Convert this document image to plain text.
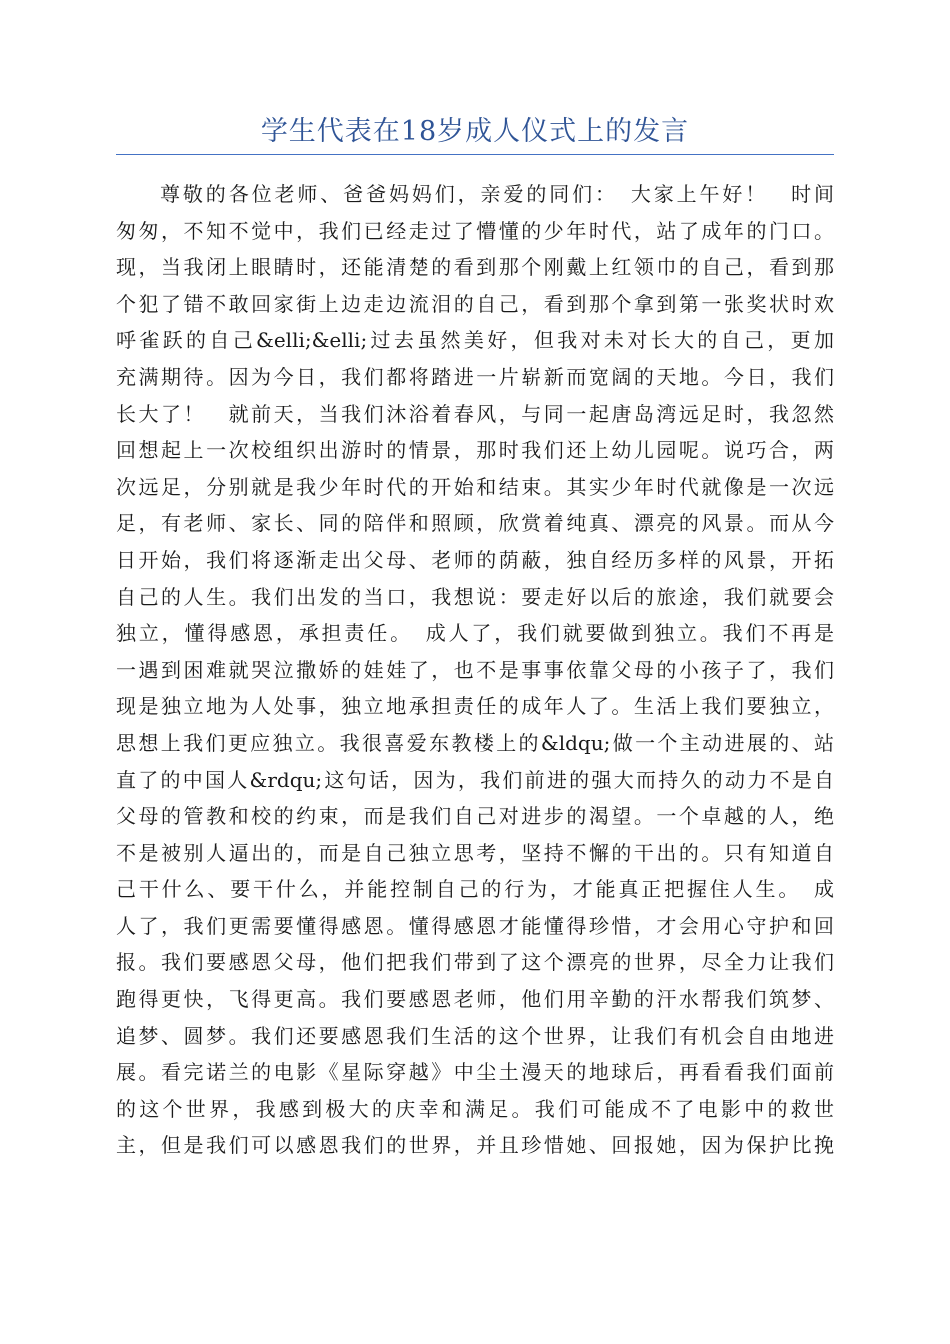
学生代表在18岁成人仪式上的发言
尊敬的各位老师、爸爸妈妈们，亲爱的同们：　大家上午好！　时间
匆匆，不知不觉中，我们已经走过了懵懂的少年时代，站了成年的门口。
现，当我闭上眼睛时，还能清楚的看到那个刚戴上红领巾的自己，看到那
个犯了错不敢回家街上边走边流泪的自己，看到那个拿到第一张奖状时欢
呼雀跃的自己&elli;&elli;过去虽然美好，但我对未对长大的自己，更加
充满期待。因为今日，我们都将踏进一片崭新而宽阔的天地。今日，我们
长大了！　就前天，当我们沐浴着春风，与同一起唐岛湾远足时，我忽然
回想起上一次校组织出游时的情景，那时我们还上幼儿园呢。说巧合，两
次远足，分别就是我少年时代的开始和结束。其实少年时代就像是一次远
足，有老师、家长、同的陪伴和照顾，欣赏着纯真、漂亮的风景。而从今
日开始，我们将逐渐走出父母、老师的荫蔽，独自经历多样的风景，开拓
自己的人生。我们出发的当口，我想说：要走好以后的旅途，我们就要会
独立，懂得感恩，承担责任。　成人了，我们就要做到独立。我们不再是
一遇到困难就哭泣撒娇的娃娃了，也不是事事依靠父母的小孩子了，我们
现是独立地为人处事，独立地承担责任的成年人了。生活上我们要独立，
思想上我们更应独立。我很喜爱东教楼上的&ldqu;做一个主动进展的、站
直了的中国人&rdqu;这句话，因为，我们前进的强大而持久的动力不是自
父母的管教和校的约束，而是我们自己对进步的渴望。一个卓越的人，绝
不是被别人逼出的，而是自己独立思考，坚持不懈的干出的。只有知道自
己干什么、要干什么，并能控制自己的行为，才能真正把握住人生。　成
人了，我们更需要懂得感恩。懂得感恩才能懂得珍惜，才会用心守护和回
报。我们要感恩父母，他们把我们带到了这个漂亮的世界，尽全力让我们
跑得更快，飞得更高。我们要感恩老师，他们用辛勤的汗水帮我们筑梦、
追梦、圆梦。我们还要感恩我们生活的这个世界，让我们有机会自由地进
展。看完诺兰的电影《星际穿越》中尘土漫天的地球后，再看看我们面前
的这个世界，我感到极大的庆幸和满足。我们可能成不了电影中的救世
主，但是我们可以感恩我们的世界，并且珍惜她、回报她，因为保护比挽
